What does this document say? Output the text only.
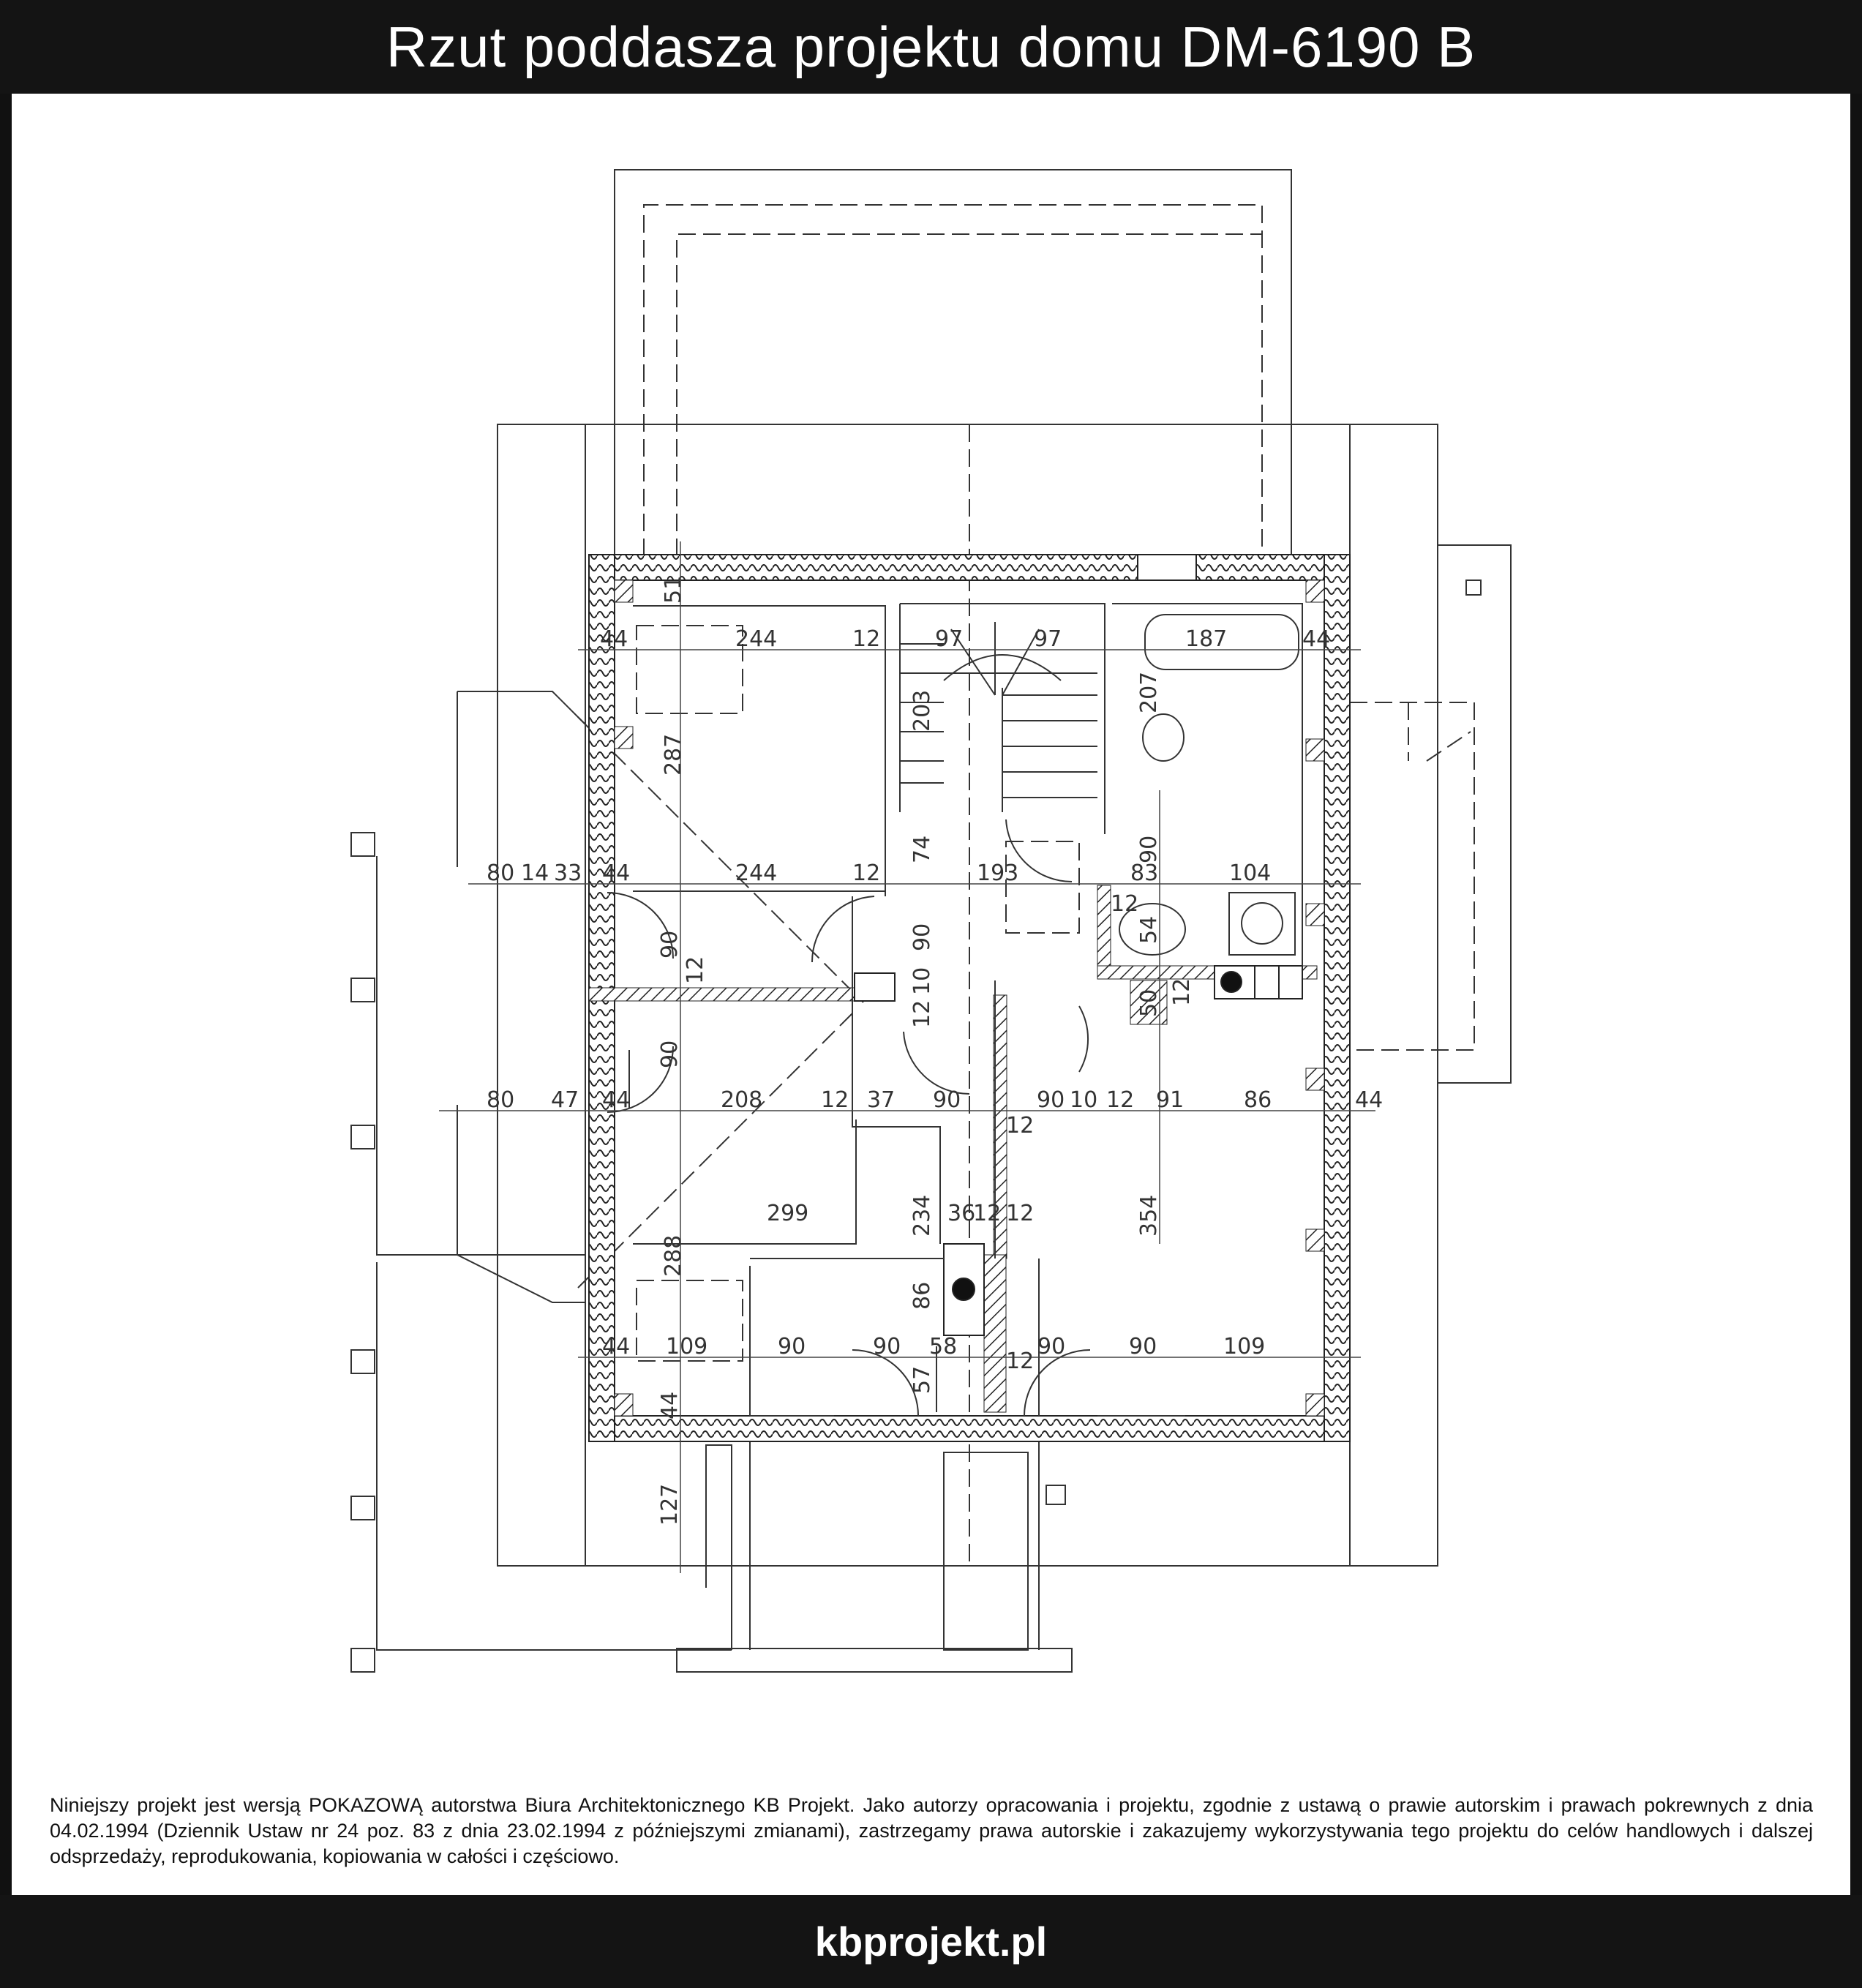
Rzut poddasza projektu domu DM-6190 B
44	244	12 97	97	187	44
80 14 33 44	244	12	193	83	104
12
80 47 44	208	12 37 90	90 10 12 91	86	44
299	36
12 12
44 109	90	90 58	90	90	109
12
51
287
203	207
74	90
90	90	54
12	10
12	50 12
90
288
234
86
57
44
127
354
12
Niniejszy projekt jest wersją POKAZOWĄ autorstwa Biura Architektonicznego KB Projekt. Jako autorzy opracowania i projektu, zgodnie z ustawą o prawie autorskim i prawach pokrewnych z dnia 04.02.1994 (Dziennik Ustaw nr 24 poz. 83 z dnia 23.02.1994 z późniejszymi zmianami), zastrzegamy prawa autorskie i zakazujemy wykorzystywania tego projektu do celów handlowych i dalszej odsprzedaży, reprodukowania, kopiowania w całości i częściowo.
kbprojekt.pl
